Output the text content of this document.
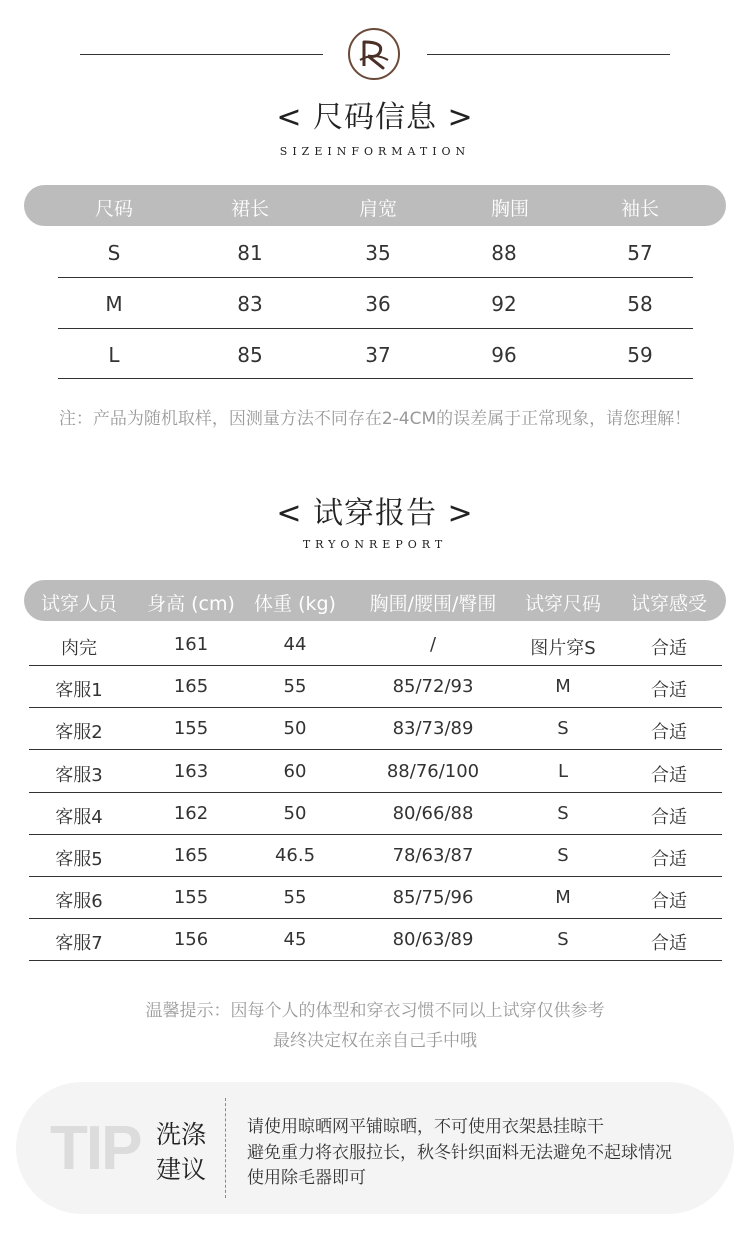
< 尺码信息 >
SIZEINFORMATION
尺码	裙长	肩宽	胸围	袖长
S	81	35	88	57
M	83	36	92	58
L	85	37	96	59
注：产品为随机取样，因测量方法不同存在2-4CM的误差属于正常现象，请您理解！
< 试穿报告 >
TRYONREPORT
试穿人员	身高 (cm)	体重 (kg)	胸围/腰围/臀围	试穿尺码	试穿感受
肉完	161	44	/	图片穿S	合适
客服1	165	55	85/72/93	M	合适
客服2	155	50	83/73/89	S	合适
客服3	163	60	88/76/100	L	合适
客服4	162	50	80/66/88	S	合适
客服5	165	46.5	78/63/87	S	合适
客服6	155	55	85/75/96	M	合适
客服7	156	45	80/63/89	S	合适
温馨提示：因每个人的体型和穿衣习惯不同以上试穿仅供参考
最终决定权在亲自己手中哦
TIP 洗涤
建议
请使用晾晒网平铺晾晒，不可使用衣架悬挂晾干
避免重力将衣服拉长，秋冬针织面料无法避免不起球情况
使用除毛器即可
